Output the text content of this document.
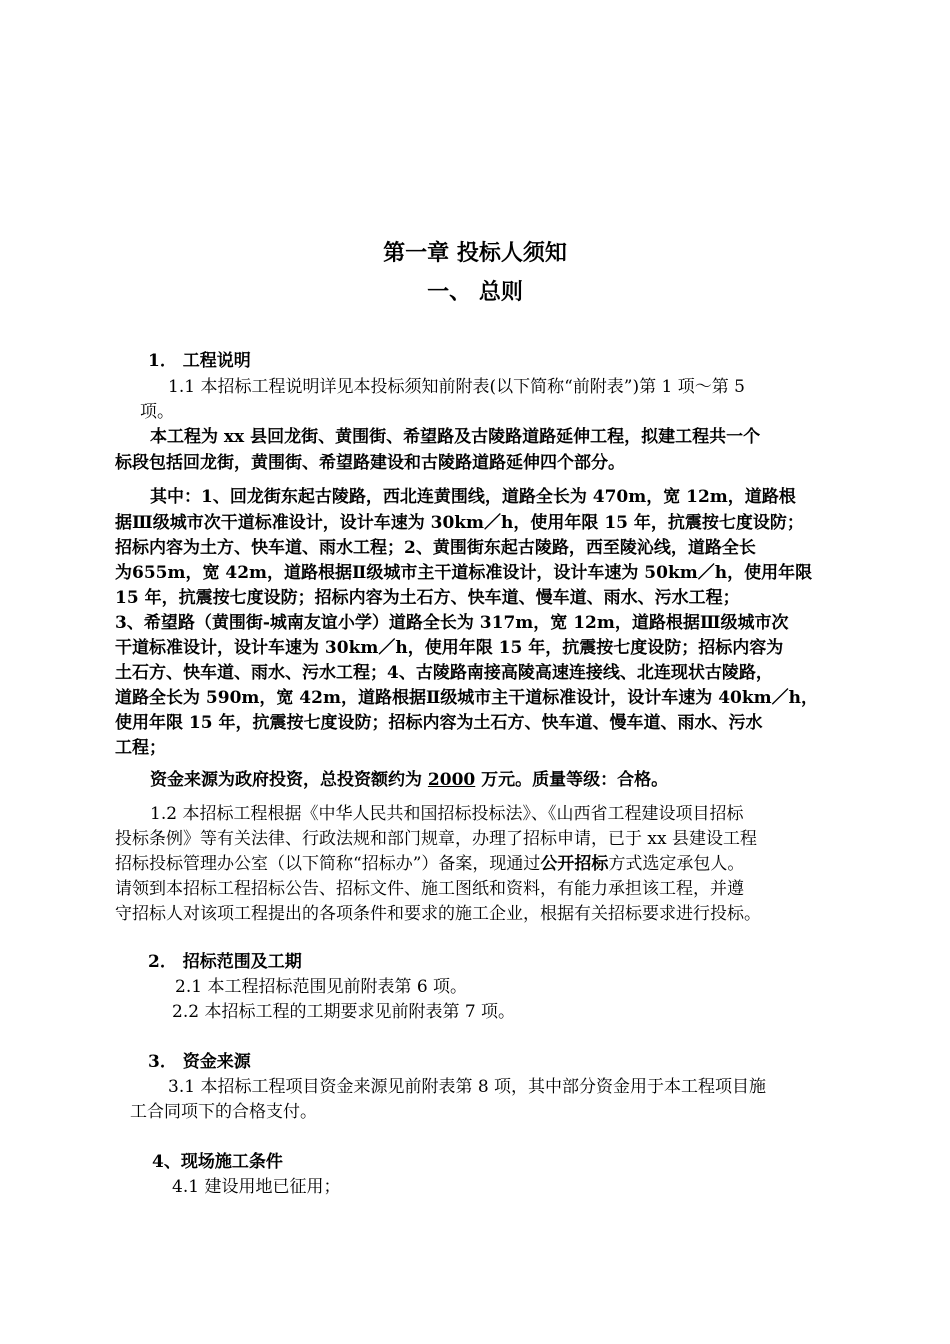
第一章 投标人须知
一、 总则
1． 工程说明
1.1 本招标工程说明详见本投标须知前附表(以下简称“前附表”)第 1 项～第 5
项。
本工程为 xx 县回龙街、黄围街、希望路及古陵路道路延伸工程，拟建工程共一个
标段包括回龙街，黄围街、希望路建设和古陵路道路延伸四个部分。
其中：1、回龙街东起古陵路，西北连黄围线，道路全长为 470m，宽 12m，道路根
据Ⅲ级城市次干道标准设计，设计车速为 30km／h，使用年限 15 年，抗震按七度设防；
招标内容为土方、快车道、雨水工程；2、黄围街东起古陵路，西至陵沁线，道路全长
为655m，宽 42m，道路根据Ⅱ级城市主干道标准设计，设计车速为 50km／h，使用年限
15 年，抗震按七度设防；招标内容为土石方、快车道、慢车道、雨水、污水工程；
3、希望路（黄围街-城南友谊小学）道路全长为 317m，宽 12m，道路根据Ⅲ级城市次
干道标准设计，设计车速为 30km／h，使用年限 15 年，抗震按七度设防；招标内容为
土石方、快车道、雨水、污水工程；4、古陵路南接高陵高速连接线、北连现状古陵路，
道路全长为 590m，宽 42m，道路根据Ⅱ级城市主干道标准设计，设计车速为 40km／h，
使用年限 15 年，抗震按七度设防；招标内容为土石方、快车道、慢车道、雨水、污水
工程；
资金来源为政府投资，总投资额约为 2000 万元。质量等级：合格。
1.2 本招标工程根据《中华人民共和国招标投标法》、《山西省工程建设项目招标
投标条例》等有关法律、行政法规和部门规章，办理了招标申请，已于 xx 县建设工程
招标投标管理办公室（以下简称“招标办”）备案，现通过公开招标方式选定承包人。
请领到本招标工程招标公告、招标文件、施工图纸和资料，有能力承担该工程，并遵
守招标人对该项工程提出的各项条件和要求的施工企业，根据有关招标要求进行投标。
2． 招标范围及工期
2.1 本工程招标范围见前附表第 6 项。
2.2 本招标工程的工期要求见前附表第 7 项。
3． 资金来源
3.1 本招标工程项目资金来源见前附表第 8 项，其中部分资金用于本工程项目施
工合同项下的合格支付。
4、现场施工条件
4.1 建设用地已征用；
